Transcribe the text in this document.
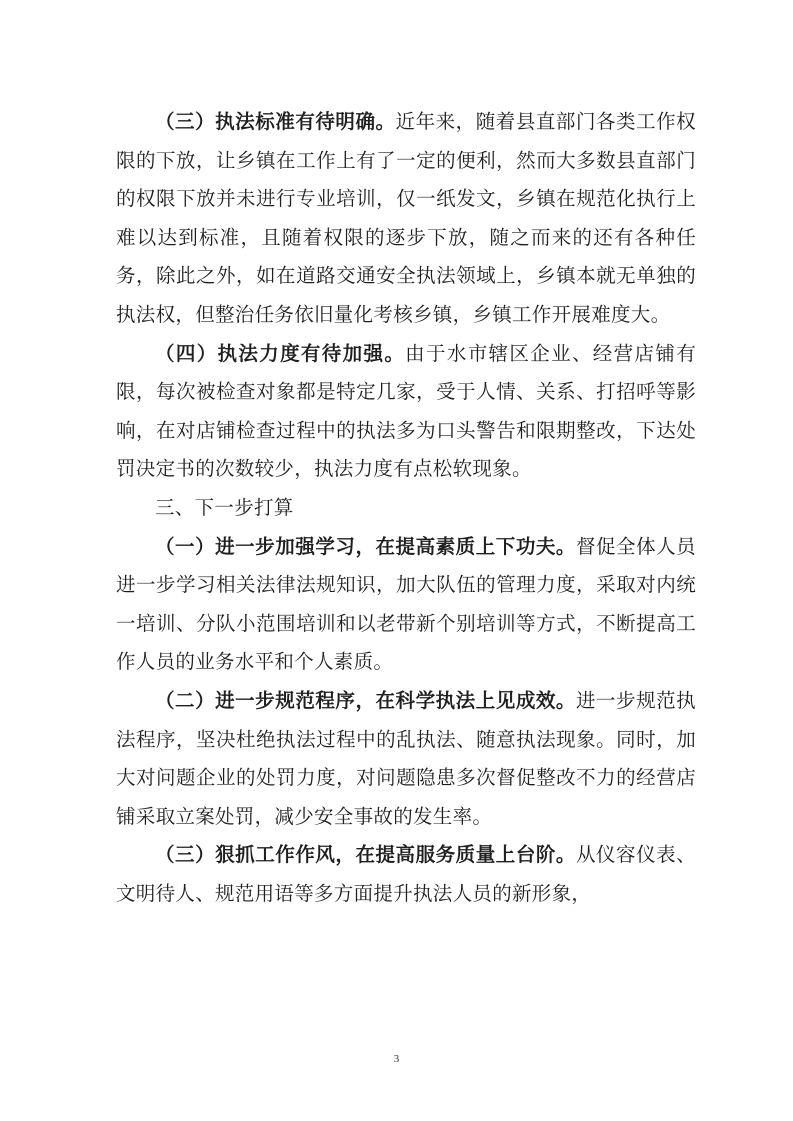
（三）执法标准有待明确。近年来，随着县直部门各类工作权限的下放，让乡镇在工作上有了一定的便利，然而大多数县直部门的权限下放并未进行专业培训，仅一纸发文，乡镇在规范化执行上难以达到标准，且随着权限的逐步下放，随之而来的还有各种任务，除此之外，如在道路交通安全执法领域上，乡镇本就无单独的执法权，但整治任务依旧量化考核乡镇，乡镇工作开展难度大。

（四）执法力度有待加强。由于水市辖区企业、经营店铺有限，每次被检查对象都是特定几家，受于人情、关系、打招呼等影响，在对店铺检查过程中的执法多为口头警告和限期整改，下达处罚决定书的次数较少，执法力度有点松软现象。

三、下一步打算

（一）进一步加强学习，在提高素质上下功夫。督促全体人员进一步学习相关法律法规知识，加大队伍的管理力度，采取对内统一培训、分队小范围培训和以老带新个别培训等方式，不断提高工作人员的业务水平和个人素质。

（二）进一步规范程序，在科学执法上见成效。进一步规范执法程序，坚决杜绝执法过程中的乱执法、随意执法现象。同时，加大对问题企业的处罚力度，对问题隐患多次督促整改不力的经营店铺采取立案处罚，减少安全事故的发生率。

（三）狠抓工作作风，在提高服务质量上台阶。从仪容仪表、文明待人、规范用语等多方面提升执法人员的新形象，

3
